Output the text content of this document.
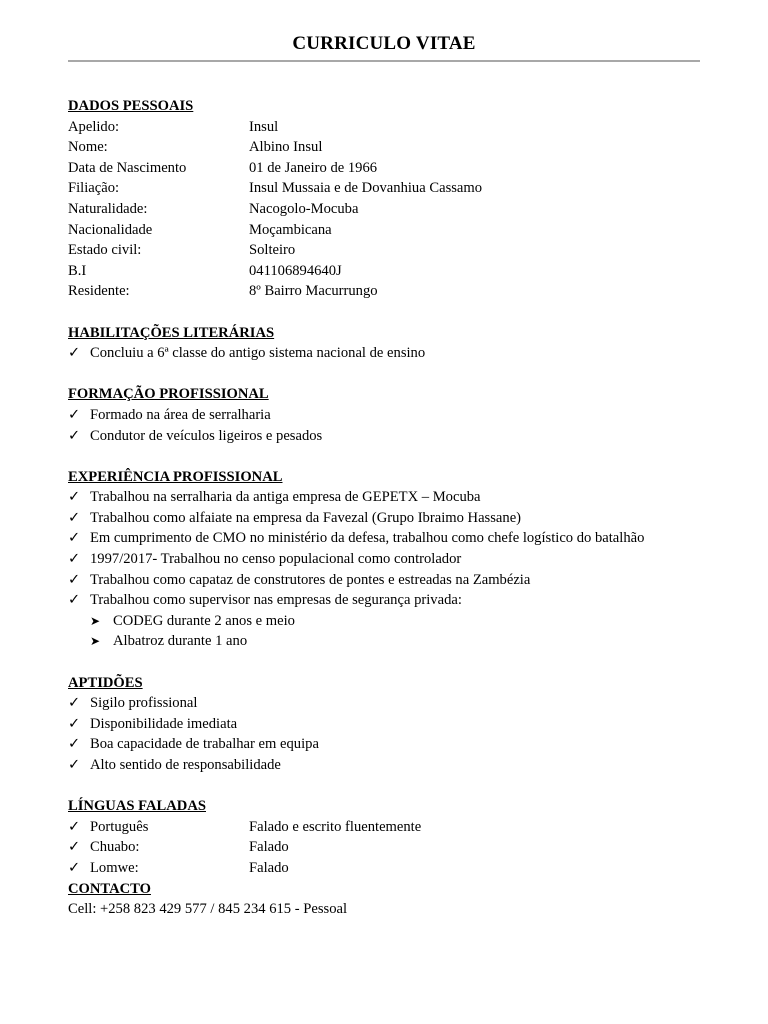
CURRICULO VITAE
DADOS PESSOAIS
Apelido:	Insul
Nome:	Albino Insul
Data de Nascimento	01 de Janeiro de 1966
Filiação:	Insul Mussaia e de Dovanhiua Cassamo
Naturalidade:	Nacogolo-Mocuba
Nacionalidade	Moçambicana
Estado civil:	Solteiro
B.I	041106894640J
Residente:	8º Bairro Macurrungo
HABILITAÇÕES LITERÁRIAS
✓ Concluiu a 6ª classe do antigo sistema nacional de ensino
FORMAÇÃO PROFISSIONAL
✓ Formado na área de serralharia
✓ Condutor de veículos ligeiros e pesados
EXPERIÊNCIA PROFISSIONAL
✓ Trabalhou na serralharia da antiga empresa de GEPETX – Mocuba
✓ Trabalhou como alfaiate na empresa da Favezal (Grupo Ibraimo Hassane)
✓ Em cumprimento de CMO no ministério da defesa, trabalhou como chefe logístico do batalhão
✓ 1997/2017- Trabalhou no censo populacional como controlador
✓ Trabalhou como capataz de construtores de pontes e estreadas na Zambézia
✓ Trabalhou como supervisor nas empresas de segurança privada:
➤ CODEG durante 2 anos e meio
➤ Albatroz durante 1 ano
APTIDÕES
✓ Sigilo profissional
✓ Disponibilidade imediata
✓ Boa capacidade de trabalhar em equipa
✓ Alto sentido de responsabilidade
LÍNGUAS FALADAS
✓ Português	Falado e escrito fluentemente
✓ Chuabo:	Falado
✓ Lomwe:	Falado
CONTACTO
Cell: +258 823 429 577 / 845 234 615 - Pessoal
